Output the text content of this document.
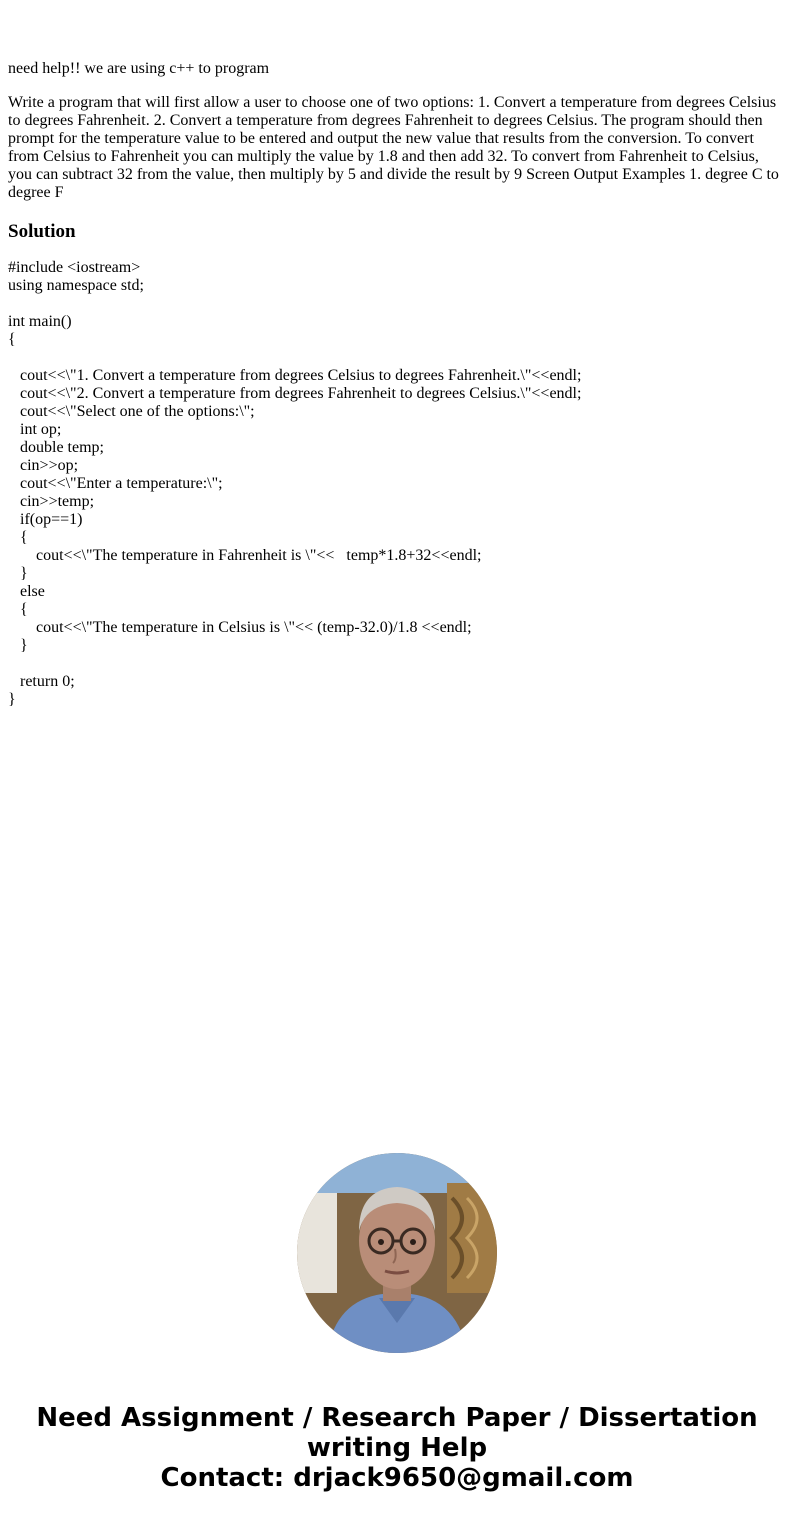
need help!! we are using c++ to program

Write a program that will first allow a user to choose one of two options: 1. Convert a temperature from degrees Celsius to degrees Fahrenheit. 2. Convert a temperature from degrees Fahrenheit to degrees Celsius. The program should then prompt for the temperature value to be entered and output the new value that results from the conversion. To convert from Celsius to Fahrenheit you can multiply the value by 1.8 and then add 32. To convert from Fahrenheit to Celsius, you can subtract 32 from the value, then multiply by 5 and divide the result by 9 Screen Output Examples 1. degree C to degree F

Solution
#include <iostream>
using namespace std;

int main()
{

cout<<\"1. Convert a temperature from degrees Celsius to degrees Fahrenheit.\"<<endl;
cout<<\"2. Convert a temperature from degrees Fahrenheit to degrees Celsius.\"<<endl;
cout<<\"Select one of the options:\";
int op;
double temp;
cin>>op;
cout<<\"Enter a temperature:\";
cin>>temp;
if(op==1)
{
cout<<\"The temperature in Fahrenheit is \"<<   temp*1.8+32<<endl;
}
else
{
cout<<\"The temperature in Celsius is \"<< (temp-32.0)/1.8 <<endl;
}

return 0;
}
Need Assignment / Research Paper / Dissertation
writing Help
Contact: drjack9650@gmail.com
